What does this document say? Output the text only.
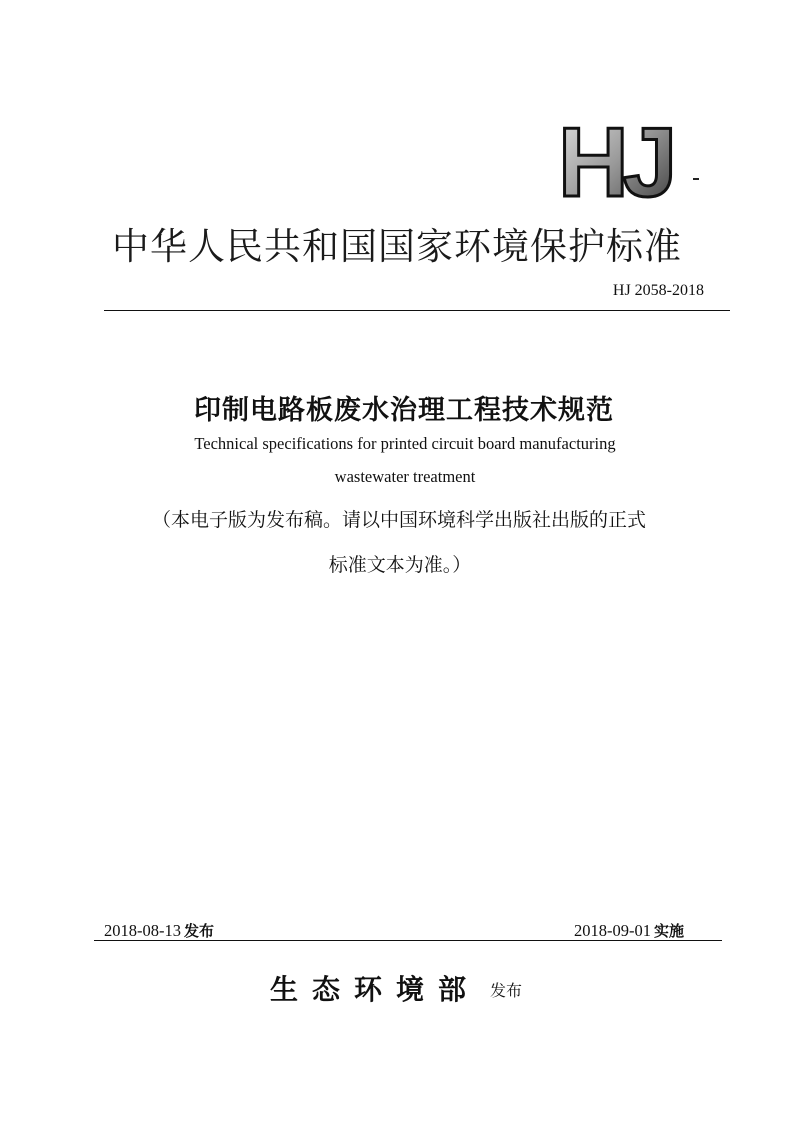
HJ
中华人民共和国国家环境保护标准
HJ 2058-2018
印制电路板废水治理工程技术规范
Technical specifications for printed circuit board manufacturing
wastewater treatment
（本电子版为发布稿。请以中国环境科学出版社出版的正式
标准文本为准。）
2018-08-13 发布	2018-09-01 实施
生态环境部 发布
